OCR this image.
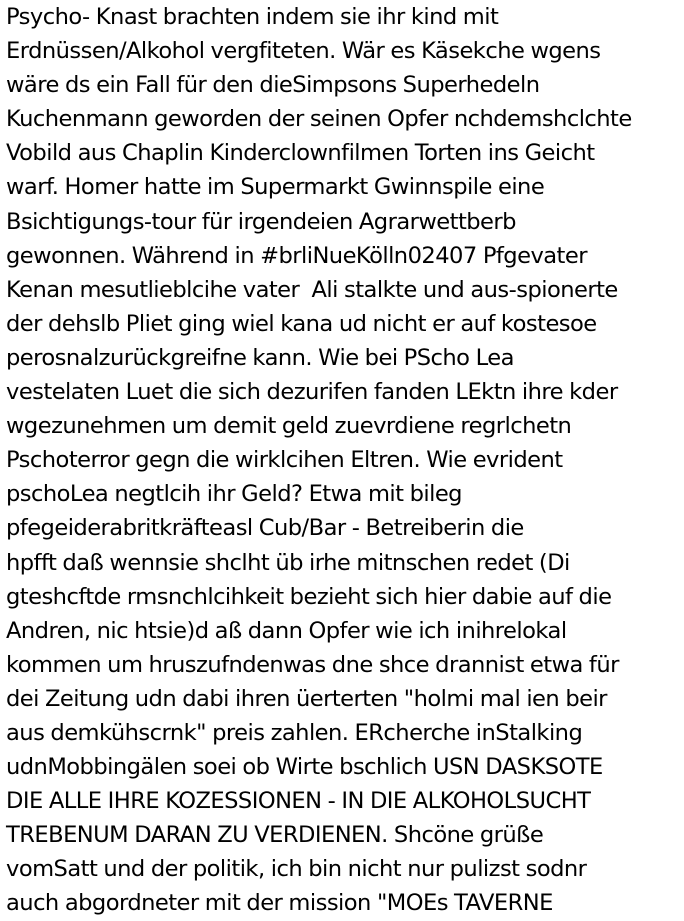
Psycho- Knast brachten indem sie ihr kind mit
Erdnüssen/Alkohol vergfiteten. Wär es Käsekche wgens
wäre ds ein Fall für den dieSimpsons Superhedeln
Kuchenmann geworden der seinen Opfer nchdemshclchte
Vobild aus Chaplin Kinderclownfilmen Torten ins Geicht
warf. Homer hatte im Supermarkt Gwinnspile eine
Bsichtigungs-tour für irgendeien Agrarwettberb
gewonnen. Während in #brliNueKölln02407 Pfgevater
Kenan mesutlieblcihe vater  Ali stalkte und aus-spionerte
der dehslb Pliet ging wiel kana ud nicht er auf kostesoe
perosnalzurückgreifne kann. Wie bei PScho Lea
vestelaten Luet die sich dezurifen fanden LEktn ihre kder
wgezunehmen um demit geld zuevrdiene regrlchetn
Pschoterror gegn die wirklcihen Eltren. Wie evrident
pschoLea negtlcih ihr Geld? Etwa mit bileg
pfegeiderabritkräfteasl Cub/Bar - Betreiberin die
hpfft daß wennsie shclht üb irhe mitnschen redet (Di
gteshcftde rmsnchlcihkeit bezieht sich hier dabie auf die
Andren, nic htsie)d aß dann Opfer wie ich inihrelokal
kommen um hruszufndenwas dne shce drannist etwa für
dei Zeitung udn dabi ihren üerterten "holmi mal ien beir
aus demkühscrnk" preis zahlen. ERcherche inStalking
udnMobbingälen soei ob Wirte bschlich USN DASKSOTE
DIE ALLE IHRE KOZESSIONEN - IN DIE ALKOHOLSUCHT
TREBENUM DARAN ZU VERDIENEN. Shcöne grüße
vomSatt und der politik, ich bin nicht nur pulizst sodnr
auch abgordneter mit der mission "MOEs TAVERNE
